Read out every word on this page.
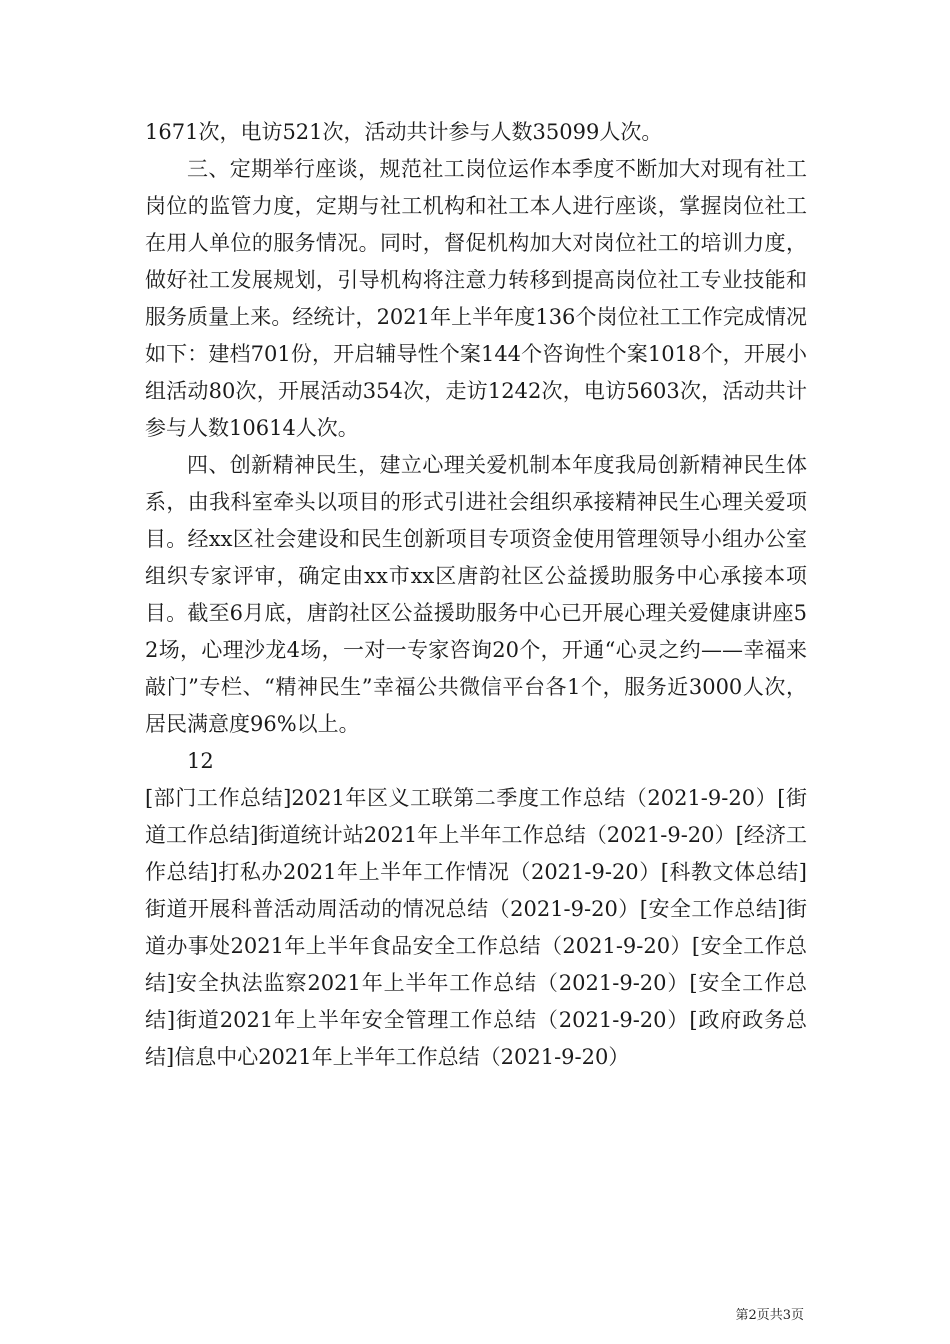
1671次，电访521次，活动共计参与人数35099人次。

三、定期举行座谈，规范社工岗位运作本季度不断加大对现有社工岗位的监管力度，定期与社工机构和社工本人进行座谈，掌握岗位社工在用人单位的服务情况。同时，督促机构加大对岗位社工的培训力度，做好社工发展规划，引导机构将注意力转移到提高岗位社工专业技能和服务质量上来。经统计，2021年上半年度136个岗位社工工作完成情况如下：建档701份，开启辅导性个案144个咨询性个案1018个，开展小组活动80次，开展活动354次，走访1242次，电访5603次，活动共计参与人数10614人次。

四、创新精神民生，建立心理关爱机制本年度我局创新精神民生体系，由我科室牵头以项目的形式引进社会组织承接精神民生心理关爱项目。经xx区社会建设和民生创新项目专项资金使用管理领导小组办公室组织专家评审，确定由xx市xx区唐韵社区公益援助服务中心承接本项目。截至6月底，唐韵社区公益援助服务中心已开展心理关爱健康讲座52场，心理沙龙4场，一对一专家咨询20个，开通“心灵之约——幸福来敲门”专栏、“精神民生”幸福公共微信平台各1个，服务近3000人次，居民满意度96%以上。

12

[部门工作总结]2021年区义工联第二季度工作总结（2021-9-20）[街道工作总结]街道统计站2021年上半年工作总结（2021-9-20）[经济工作总结]打私办2021年上半年工作情况（2021-9-20）[科教文体总结]街道开展科普活动周活动的情况总结（2021-9-20）[安全工作总结]街道办事处2021年上半年食品安全工作总结（2021-9-20）[安全工作总结]安全执法监察2021年上半年工作总结（2021-9-20）[安全工作总结]街道2021年上半年安全管理工作总结（2021-9-20）[政府政务总结]信息中心2021年上半年工作总结（2021-9-20）

第2页共3页
